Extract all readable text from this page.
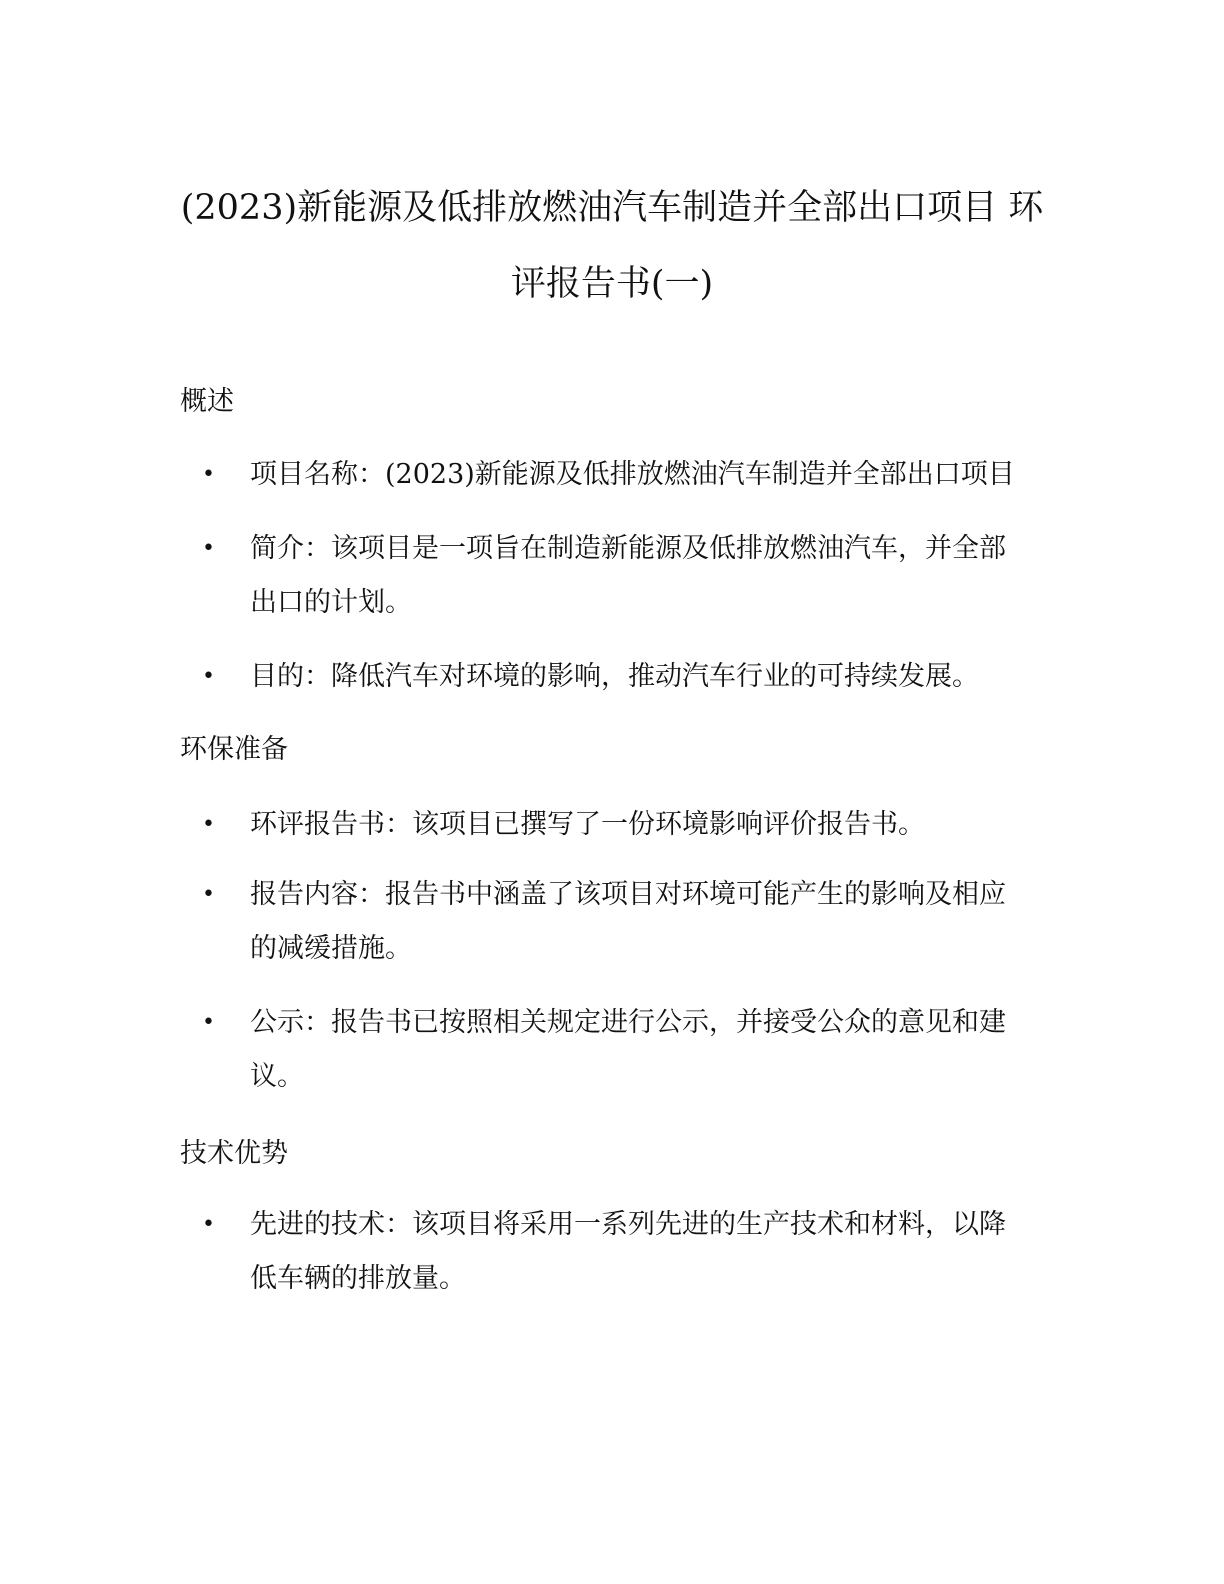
(2023)新能源及低排放燃油汽车制造并全部出口项目 环
评报告书(一)
概述
• 项目名称：(2023)新能源及低排放燃油汽车制造并全部出口项目
• 简介：该项目是一项旨在制造新能源及低排放燃油汽车，并全部
出口的计划。
• 目的：降低汽车对环境的影响，推动汽车行业的可持续发展。
环保准备
• 环评报告书：该项目已撰写了一份环境影响评价报告书。
• 报告内容：报告书中涵盖了该项目对环境可能产生的影响及相应
的减缓措施。
• 公示：报告书已按照相关规定进行公示，并接受公众的意见和建
议。
技术优势
• 先进的技术：该项目将采用一系列先进的生产技术和材料，以降
低车辆的排放量。
